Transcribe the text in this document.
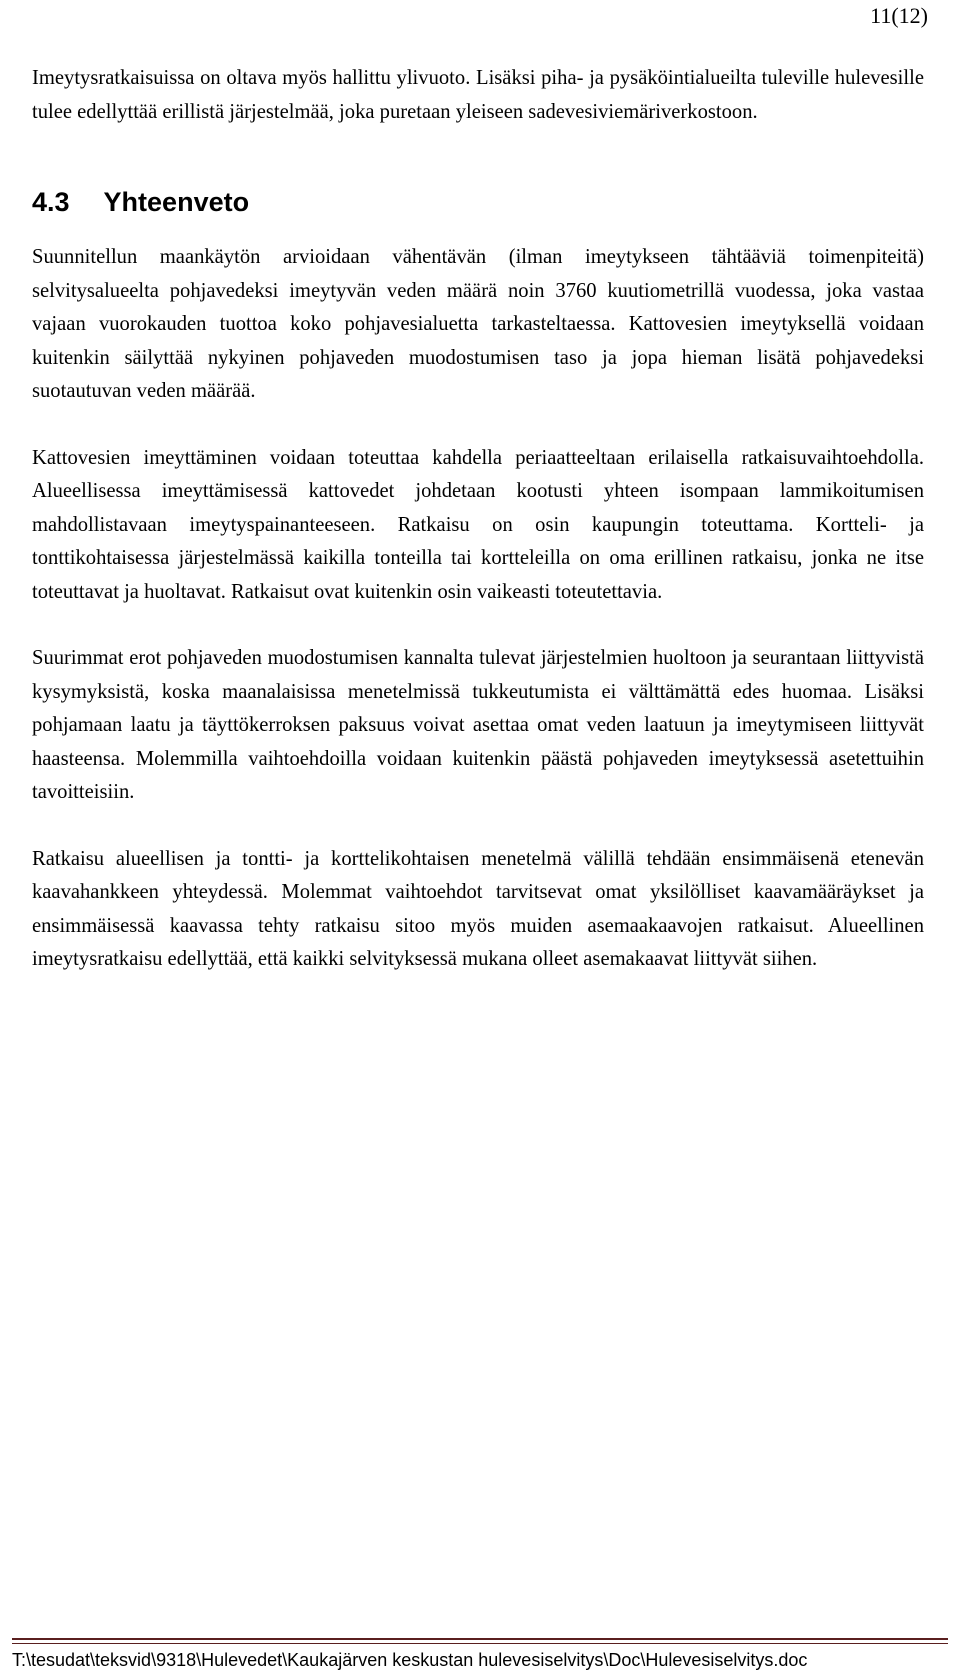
11(12)

Imeytysratkaisuissa on oltava myös hallittu ylivuoto. Lisäksi piha- ja pysäköintialueilta tuleville hulevesille tulee edellyttää erillistä järjestelmää, joka puretaan yleiseen sadevesiviemäriverkostoon.

4.3 Yhteenveto

Suunnitellun maankäytön arvioidaan vähentävän (ilman imeytykseen tähtääviä toimenpiteitä) selvitysalueelta pohjavedeksi imeytyvän veden määrä noin 3760 kuutiometrillä vuodessa, joka vastaa vajaan vuorokauden tuottoa koko pohjavesialuetta tarkasteltaessa. Kattovesien imeytyksellä voidaan kuitenkin säilyttää nykyinen pohjaveden muodostumisen taso ja jopa hieman lisätä pohjavedeksi suotautuvan veden määrää.

Kattovesien imeyttäminen voidaan toteuttaa kahdella periaatteeltaan erilaisella ratkaisuvaihtoehdolla. Alueellisessa imeyttämisessä kattovedet johdetaan kootusti yhteen isompaan lammikoitumisen mahdollistavaan imeytyspainanteeseen. Ratkaisu on osin kaupungin toteuttama. Kortteli- ja tonttikohtaisessa järjestelmässä kaikilla tonteilla tai kortteleilla on oma erillinen ratkaisu, jonka ne itse toteuttavat ja huoltavat. Ratkaisut ovat kuitenkin osin vaikeasti toteutettavia.

Suurimmat erot pohjaveden muodostumisen kannalta tulevat järjestelmien huoltoon ja seurantaan liittyvistä kysymyksistä, koska maanalaisissa menetelmissä tukkeutumista ei välttämättä edes huomaa. Lisäksi pohjamaan laatu ja täyttökerroksen paksuus voivat asettaa omat veden laatuun ja imeytymiseen liittyvät haasteensa. Molemmilla vaihtoehdoilla voidaan kuitenkin päästä pohjaveden imeytyksessä asetettuihin tavoitteisiin.

Ratkaisu alueellisen ja tontti- ja korttelikohtaisen menetelmä välillä tehdään ensimmäisenä etenevän kaavahankkeen yhteydessä. Molemmat vaihtoehdot tarvitsevat omat yksilölliset kaavamääräykset ja ensimmäisessä kaavassa tehty ratkaisu sitoo myös muiden asemaakaavojen ratkaisut. Alueellinen imeytysratkaisu edellyttää, että kaikki selvityksessä mukana olleet asemakaavat liittyvät siihen.

T:\tesudat\teksvid\9318\Hulevedet\Kaukajärven keskustan hulevesiselvitys\Doc\Hulevesiselvitys.doc
